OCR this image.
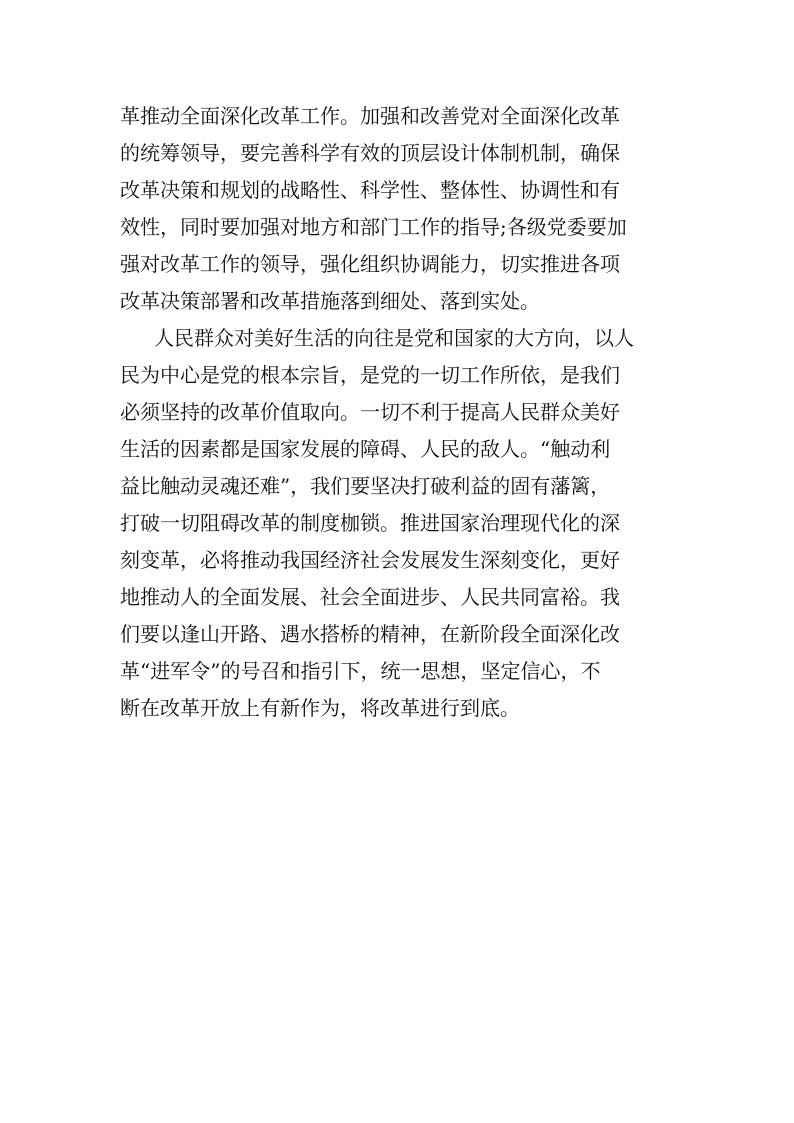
革推动全面深化改革工作。加强和改善党对全面深化改革
的统筹领导，要完善科学有效的顶层设计体制机制，确保
改革决策和规划的战略性、科学性、整体性、协调性和有
效性，同时要加强对地方和部门工作的指导;各级党委要加
强对改革工作的领导，强化组织协调能力，切实推进各项
改革决策部署和改革措施落到细处、落到实处。
人民群众对美好生活的向往是党和国家的大方向，以人
民为中心是党的根本宗旨，是党的一切工作所依，是我们
必须坚持的改革价值取向。一切不利于提高人民群众美好
生活的因素都是国家发展的障碍、人民的敌人。“触动利
益比触动灵魂还难”，我们要坚决打破利益的固有藩篱，
打破一切阻碍改革的制度枷锁。推进国家治理现代化的深
刻变革，必将推动我国经济社会发展发生深刻变化，更好
地推动人的全面发展、社会全面进步、人民共同富裕。我
们要以逢山开路、遇水搭桥的精神，在新阶段全面深化改
革“进军令”的号召和指引下，统一思想，坚定信心，不
断在改革开放上有新作为，将改革进行到底。
